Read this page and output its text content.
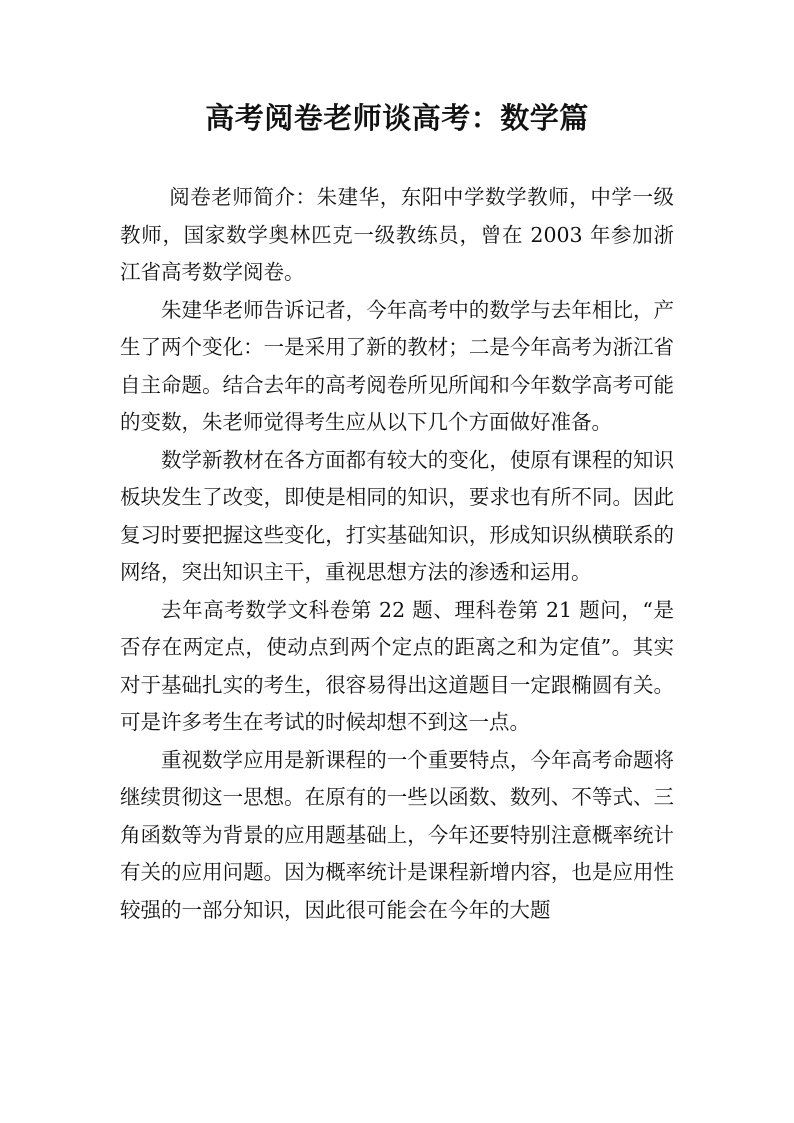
高考阅卷老师谈高考：数学篇

阅卷老师简介：朱建华，东阳中学数学教师，中学一级教师，国家数学奥林匹克一级教练员，曾在 2003 年参加浙江省高考数学阅卷。

朱建华老师告诉记者，今年高考中的数学与去年相比，产生了两个变化：一是采用了新的教材；二是今年高考为浙江省自主命题。结合去年的高考阅卷所见所闻和今年数学高考可能的变数，朱老师觉得考生应从以下几个方面做好准备。

数学新教材在各方面都有较大的变化，使原有课程的知识板块发生了改变，即使是相同的知识，要求也有所不同。因此复习时要把握这些变化，打实基础知识，形成知识纵横联系的网络，突出知识主干，重视思想方法的渗透和运用。

去年高考数学文科卷第 22 题、理科卷第 21 题问，“是否存在两定点，使动点到两个定点的距离之和为定值”。其实对于基础扎实的考生，很容易得出这道题目一定跟椭圆有关。可是许多考生在考试的时候却想不到这一点。

重视数学应用是新课程的一个重要特点，今年高考命题将继续贯彻这一思想。在原有的一些以函数、数列、不等式、三角函数等为背景的应用题基础上，今年还要特别注意概率统计有关的应用问题。因为概率统计是课程新增内容，也是应用性较强的一部分知识，因此很可能会在今年的大题
